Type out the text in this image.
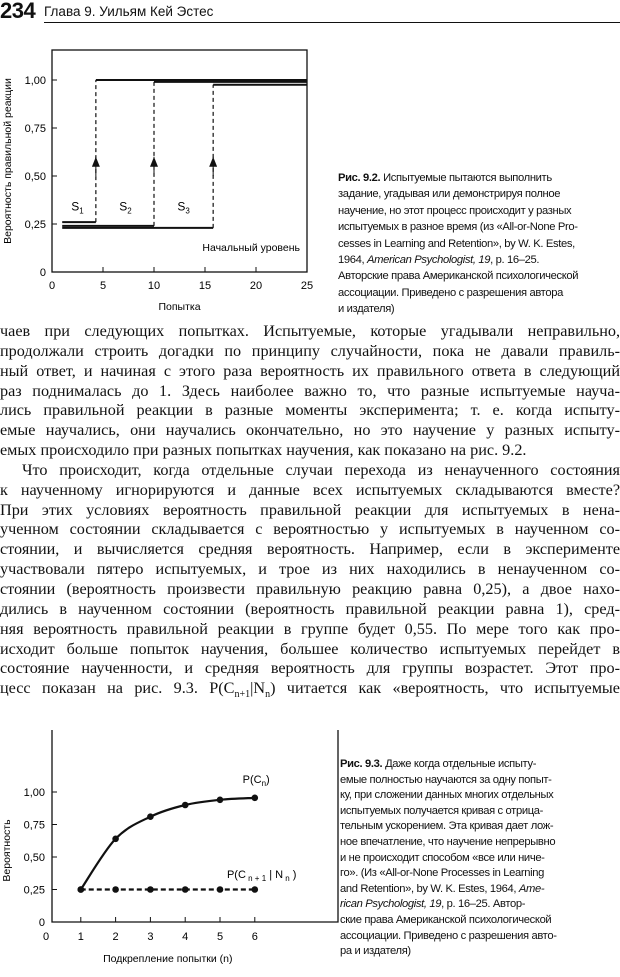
234 Глава 9. Уильям Кей Эстес
0
0,25
0,50
0,75
1,00
0	5	10	15	20	25
Попытка
Вероятность правильной реакции	$S_1$	$S_2$	$S_3$
Начальный уровень
Рис. 9.2. Испытуемые пытаются выполнить
задание, угадывая или демонстрируя полное
научение, но этот процесс происходит у разных
испытуемых в разное время (из «All-or-None Pro-
cesses in Learning and Retention», by W. K. Estes,
1964, American Psychologist, 19, p. 16–25.
Авторские права Американской психологической
ассоциации. Приведено с разрешения автора
и издателя)
чаев при следующих попытках. Испытуемые, которые угадывали неправильно,
продолжали строить догадки по принципу случайности, пока не давали правиль-
ный ответ, и начиная с этого раза вероятность их правильного ответа в следующий
раз поднималась до 1. Здесь наиболее важно то, что разные испытуемые науча-
лись правильной реакции в разные моменты эксперимента; т. е. когда испыту-
емые научались, они научались окончательно, но это научение у разных испыту-
емых происходило при разных попытках научения, как показано на рис. 9.2.
Что происходит, когда отдельные случаи перехода из ненаученного состояния
к наученному игнорируются и данные всех испытуемых складываются вместе?
При этих условиях вероятность правильной реакции для испытуемых в нена-
ученном состоянии складывается с вероятностью у испытуемых в наученном со-
стоянии, и вычисляется средняя вероятность. Например, если в эксперименте
участвовали пятеро испытуемых, и трое из них находились в ненаученном со-
стоянии (вероятность произвести правильную реакцию равна 0,25), а двое нахо-
дились в наученном состоянии (вероятность правильной реакции равна 1), сред-
няя вероятность правильной реакции в группе будет 0,55. По мере того как про-
исходит больше попыток научения, большее количество испытуемых перейдет в
состояние наученности, и средняя вероятность для группы возрастет. Этот про-
цесс показан на рис. 9.3. $P(C_{n+1}|N_n)$ читается как «вероятность, что испытуемые
0
0,25
0,50
0,75
1,00
0	1	2	3	4	5	6
Подкрепление попытки (n)
Вероятность
$P(C_n)$
P(C $_{n + 1}$ | N $_n$ )
Рис. 9.3. Даже когда отдельные испыту-
емые полностью научаются за одну попыт-
ку, при сложении данных многих отдельных
испытуемых получается кривая с отрица-
тельным ускорением. Эта кривая дает лож-
ное впечатление, что научение непрерывно
и не происходит способом «все или ниче-
го». (Из «All-or-None Processes in Learning
and Retention», by W. K. Estes, 1964, Ame-
rican Psychologist, 19, p. 16–25. Автор-
ские права Американской психологической
ассоциации. Приведено с разрешения авто-
ра и издателя)
